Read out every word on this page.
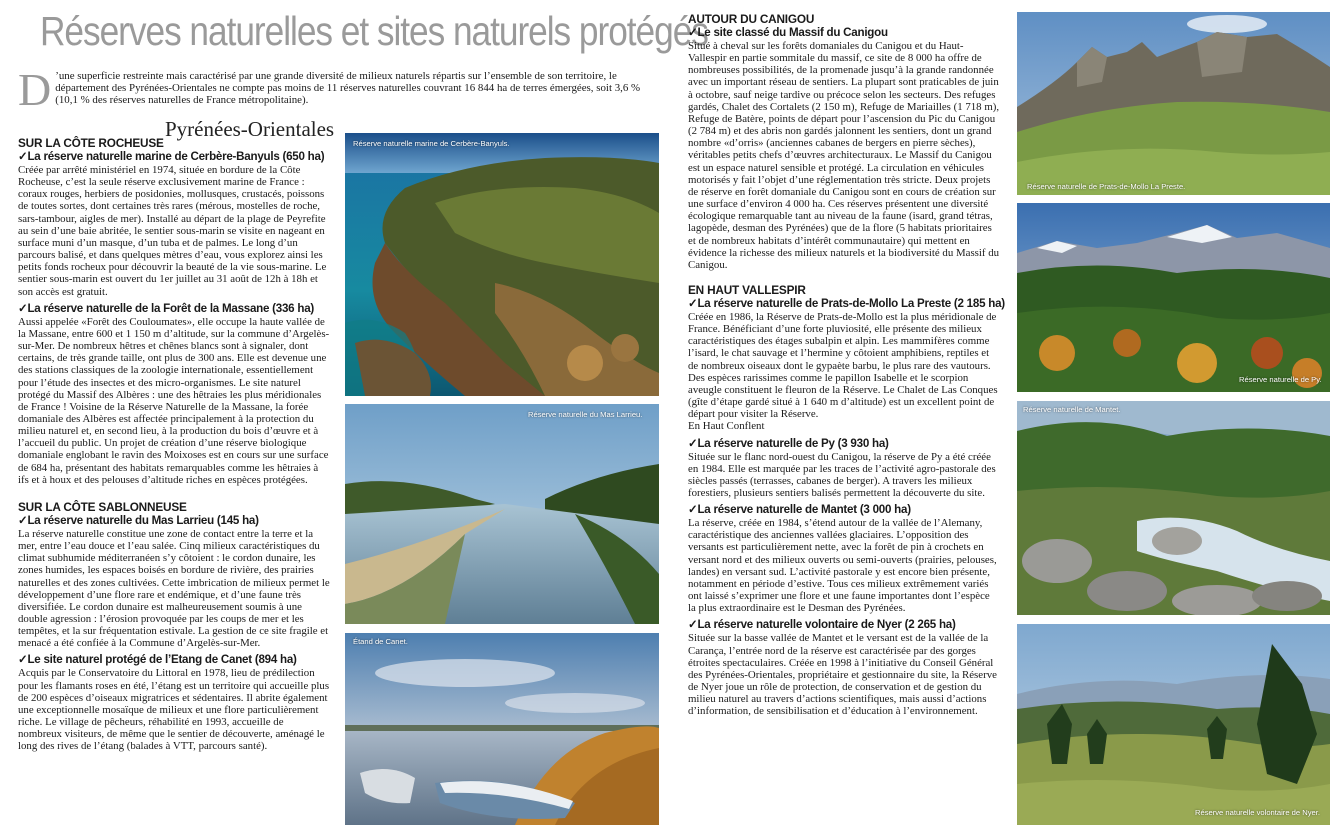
Réserves naturelles et sites naturels protégés
D ’une superficie restreinte mais caractérisé par une grande diversité de milieux naturels répartis sur l’ensemble de son territoire, le département des Pyrénées-Orientales ne compte pas moins de 11 réserves naturelles couvrant 16 844 ha de terres émergées, soit 3,6 % (10,1 % des réserves naturelles de France métropolitaine).
Pyrénées-Orientales

SUR LA CÔTE ROCHEUSE

✓La réserve naturelle marine de Cerbère-Banyuls (650 ha)

Créée par arrêté ministériel en 1974, située en bordure de la Côte Rocheuse, c’est la seule réserve exclusivement marine de France : coraux rouges, herbiers de posidonies, mollusques, crustacés, poissons de toutes sortes, dont certaines très rares (mérous, mostelles de roche, sars-tambour, aigles de mer). Installé au départ de la plage de Peyrefite au sein d’une baie abritée, le sentier sous-marin se visite en nageant en surface muni d’un masque, d’un tuba et de palmes. Le long d’un parcours balisé, et dans quelques mètres d’eau, vous explorez ainsi les petits fonds rocheux pour découvrir la beauté de la vie sous-marine. Le sentier sous-marin est ouvert du 1er juillet au 31 août de 12h à 18h et son accès est gratuit.

✓La réserve naturelle de la Forêt de la Massane (336 ha)

Aussi appelée «Forêt des Couloumates», elle occupe la haute vallée de la Massane, entre 600 et 1 150 m d’altitude, sur la commune d’Argelès-sur-Mer. De nombreux hêtres et chênes blancs sont à signaler, dont certains, de très grande taille, ont plus de 300 ans. Elle est devenue une des stations classiques de la zoologie internationale, essentiellement pour l’étude des insectes et des micro-organismes. Le site naturel protégé du Massif des Albères : une des hêtraies les plus méridionales de France ! Voisine de la Réserve Naturelle de la Massane, la forée domaniale des Albères est affectée principalement à la protection du milieu naturel et, en second lieu, à la production du bois d’œuvre et à l’accueil du public. Un projet de création d’une réserve biologique domaniale englobant le ravin des Moixoses est en cours sur une surface de 684 ha, présentant des habitats remarquables comme les hêtraies à ifs et à houx et des pelouses d’altitude riches en espèces protégées.

SUR LA CÔTE SABLONNEUSE

✓La réserve naturelle du Mas Larrieu (145 ha)

La réserve naturelle constitue une zone de contact entre la terre et la mer, entre l’eau douce et l’eau salée. Cinq milieux caractéristiques du climat subhumide méditerranéen s’y côtoient : le cordon dunaire, les zones humides, les espaces boisés en bordure de rivière, des prairies naturelles et des zones cultivées. Cette imbrication de milieux permet le développement d’une flore rare et endémique, et d’une faune très diversifiée. Le cordon dunaire est malheureusement soumis à une double agression : l’érosion provoquée par les coups de mer et les tempêtes, et la sur fréquentation estivale. La gestion de ce site fragile et menacé a été confiée à la Commune d’Argelès-sur-Mer.

✓Le site naturel protégé de l’Etang de Canet (894 ha)

Acquis par le Conservatoire du Littoral en 1978, lieu de prédilection pour les flamants roses en été, l’étang est un territoire qui accueille plus de 200 espèces d’oiseaux migratrices et sédentaires. Il abrite également une exceptionnelle mosaïque de milieux et une flore particulièrement riche. Le village de pêcheurs, réhabilité en 1993, accueille de nombreux visiteurs, de même que le sentier de découverte, aménagé le long des rives de l’étang (balades à VTT, parcours santé).

AUTOUR DU CANIGOU

✓Le site classé du Massif du Canigou

Situé à cheval sur les forêts domaniales du Canigou et du Haut-Vallespir en partie sommitale du massif, ce site de 8 000 ha offre de nombreuses possibilités, de la promenade jusqu’à la grande randonnée avec un important réseau de sentiers. La plupart sont praticables de juin à octobre, sauf neige tardive ou précoce selon les secteurs. Des refuges gardés, Chalet des Cortalets (2 150 m), Refuge de Mariailles (1 718 m), Refuge de Batère, points de départ pour l’ascension du Pic du Canigou (2 784 m) et des abris non gardés jalonnent les sentiers, dont un grand nombre «d’orris» (anciennes cabanes de bergers en pierre sèches), véritables petits chefs d’œuvres architecturaux. Le Massif du Canigou est un espace naturel sensible et protégé. La circulation en véhicules motorisés y fait l’objet d’une réglementation très stricte. Deux projets de réserve en forêt domaniale du Canigou sont en cours de création sur une surface d’environ 4 000 ha. Ces réserves présentent une diversité écologique remarquable tant au niveau de la faune (isard, grand tétras, lagopède, desman des Pyrénées) que de la flore (5 habitats prioritaires et de nombreux habitats d’intérêt communautaire) qui mettent en évidence la richesse des milieux naturels et la biodiversité du Massif du Canigou.

EN HAUT VALLESPIR

✓La réserve naturelle de Prats-de-Mollo La Preste (2 185 ha)

Créée en 1986, la Réserve de Prats-de-Mollo est la plus méridionale de France. Bénéficiant d’une forte pluviosité, elle présente des milieux caractéristiques des étages subalpin et alpin. Les mammifères comme l’isard, le chat sauvage et l’hermine y côtoient amphibiens, reptiles et de nombreux oiseaux dont le gypaète barbu, le plus rare des vautours. Des espèces rarissimes comme le papillon Isabelle et le scorpion aveugle constituent le fleuron de la Réserve. Le Chalet de Las Conques (gîte d’étape gardé situé à 1 640 m d’altitude) est un excellent point de départ pour visiter la Réserve.
En Haut Conflent

✓La réserve naturelle de Py (3 930 ha)

Située sur le flanc nord-ouest du Canigou, la réserve de Py a été créée en 1984. Elle est marquée par les traces de l’activité agro-pastorale des siècles passés (terrasses, cabanes de berger). A travers les milieux forestiers, plusieurs sentiers balisés permettent la découverte du site.

✓La réserve naturelle de Mantet (3 000 ha)

La réserve, créée en 1984, s’étend autour de la vallée de l’Alemany, caractéristique des anciennes vallées glaciaires. L’opposition des versants est particulièrement nette, avec la forêt de pin à crochets en versant nord et des milieux ouverts ou semi-ouverts (prairies, pelouses, landes) en versant sud. L’activité pastorale y est encore bien présente, notamment en période d’estive. Tous ces milieux extrêmement variés ont laissé s’exprimer une flore et une faune importantes dont l’espèce la plus extraordinaire est le Desman des Pyrénées.

✓La réserve naturelle volontaire de Nyer (2 265 ha)

Située sur la basse vallée de Mantet et le versant est de la vallée de la Carança, l’entrée nord de la réserve est caractérisée par des gorges étroites spectaculaires. Créée en 1998 à l’initiative du Conseil Général des Pyrénées-Orientales, propriétaire et gestionnaire du site, la Réserve de Nyer joue un rôle de protection, de conservation et de gestion du milieu naturel au travers d’actions scientifiques, mais aussi d’actions d’information, de sensibilisation et d’éducation à l’environnement.

Réserve naturelle marine de Cerbère-Banyuls.
Réserve naturelle du Mas Larrieu.
Étand de Canet.
Réserve naturelle de Prats-de-Mollo La Preste.
Réserve naturelle de Py.
Réserve naturelle de Mantet.
Réserve naturelle volontaire de Nyer.
